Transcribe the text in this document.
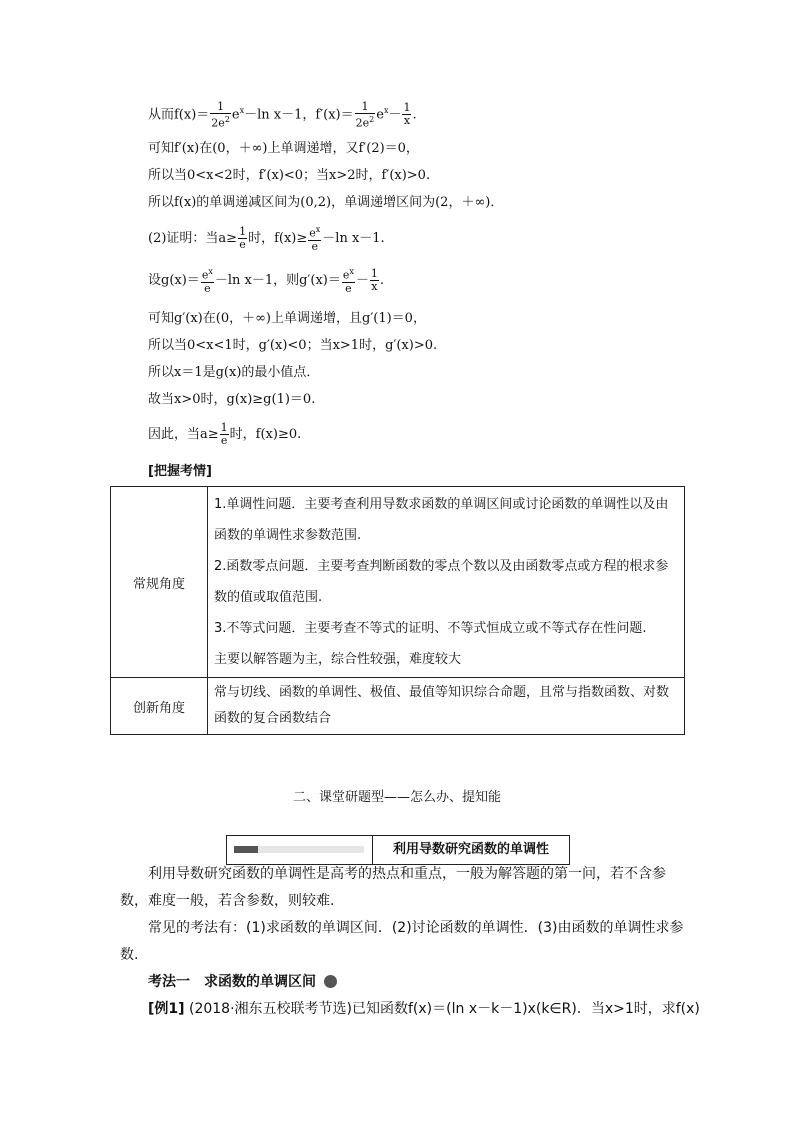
从而$f(x)= \frac{1}{2e^2} e^x-\ln$ x－1，$f'(x)= \frac{1}{2e^2} e^x- \frac{1}{x}$ .
可知f′(x)在(0，＋∞)上单调递增，又f′(2)＝0，
所以当0<x<2时，f′(x)<0；当x>2时，f′(x)>0.
所以f(x)的单调递减区间为(0,2)，单调递增区间为(2，＋∞)．
(2)证明：当$a\ge \frac{1}{e}$ 时，$f(x)\ge \frac{e^x}{e} -\ln$ x－1.
设$g(x)= \frac{e^x}{e} -\ln$ x－1，则$g'(x)= \frac{e^x}{e} - \frac{1}{x}$ .
可知g′(x)在(0，＋∞)上单调递增，且g′(1)＝0，
所以当0<x<1时，g′(x)<0；当x>1时，g′(x)>0.
所以x＝1是g(x)的最小值点．
故当x>0时，g(x)≥g(1)＝0.
因此，当$a\ge \frac{1}{e}$ 时，f(x)≥0.
[把握考情]
常规角度	1.单调性问题．主要考查利用导数求函数的单调区间或讨论函数的单调性以及由函数的单调性求参数范围.

2.函数零点问题．主要考查判断函数的零点个数以及由函数零点或方程的根求参数的值或取值范围.

3.不等式问题．主要考查不等式的证明、不等式恒成立或不等式存在性问题.

主要以解答题为主，综合性较强，难度较大

创新角度	常与切线、函数的单调性、极值、最值等知识综合命题，且常与指数函数、对数函数的复合函数结合

二、课堂研题型——怎么办、提知能
利用导数研究函数的单调性
利用导数研究函数的单调性是高考的热点和重点，一般为解答题的第一问，若不含参数，难度一般，若含参数，则较难.
常见的考法有：(1)求函数的单调区间．(2)讨论函数的单调性．(3)由函数的单调性求参数.
考法一　求函数的单调区间
[例1] (2018·湘东五校联考节选)已知函数f(x)＝(ln x－k－1)x(k∈R)．当x>1时，求f(x)
